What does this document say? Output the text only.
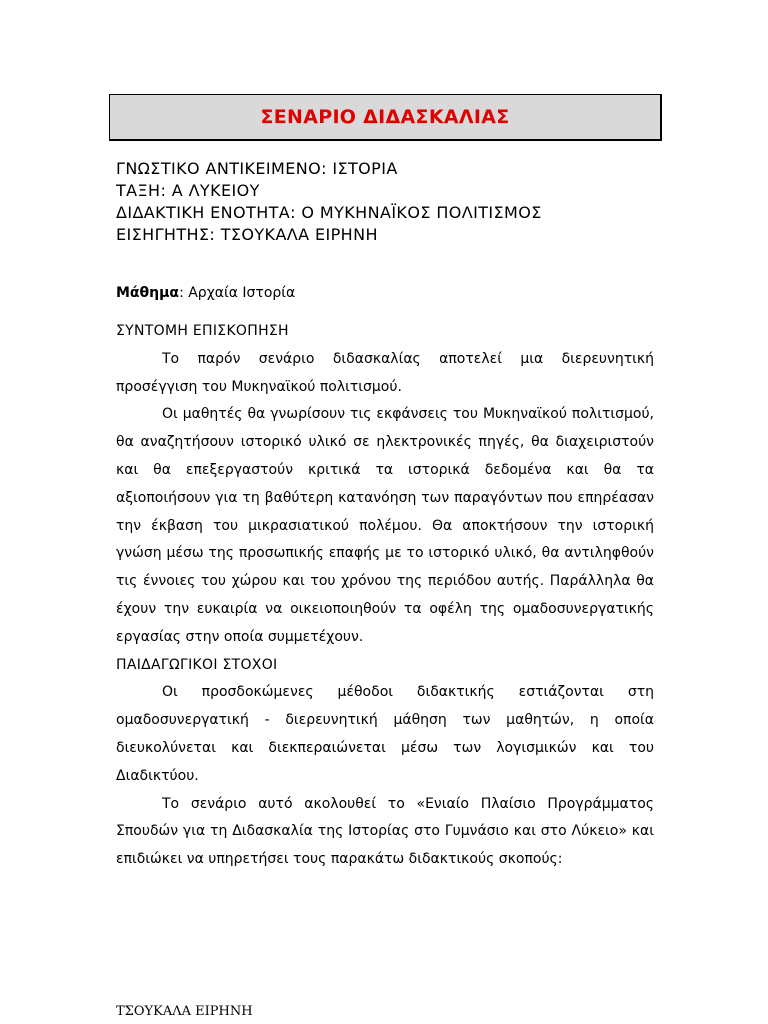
ΣΕΝΑΡΙΟ ΔΙΔΑΣΚΑΛΙΑΣ
ΓΝΩΣΤΙΚΟ ΑΝΤΙΚΕΙΜΕΝΟ: ΙΣΤΟΡΙΑ
ΤΑΞΗ: Α ΛΥΚΕΙΟΥ
ΔΙΔΑΚΤΙΚΗ ΕΝΟΤΗΤΑ: Ο ΜΥΚΗΝΑΪΚΟΣ ΠΟΛΙΤΙΣΜΟΣ
ΕΙΣΗΓΗΤΗΣ: ΤΣΟΥΚΑΛΑ ΕΙΡΗΝΗ
Μάθημα: Αρχαία Ιστορία
ΣΥΝΤΟΜΗ ΕΠΙΣΚΟΠΗΣΗ

Το παρόν σενάριο διδασκαλίας αποτελεί μια διερευνητική προσέγγιση του Μυκηναϊκού πολιτισμού.

Οι μαθητές θα γνωρίσουν τις εκφάνσεις του Μυκηναϊκού πολιτισμού, θα αναζητήσουν ιστορικό υλικό σε ηλεκτρονικές πηγές, θα διαχειριστούν και θα επεξεργαστούν κριτικά τα ιστορικά δεδομένα και θα τα αξιοποιήσουν για τη βαθύτερη κατανόηση των παραγόντων που επηρέασαν την έκβαση του μικρασιατικού πολέμου. Θα αποκτήσουν την ιστορική γνώση μέσω της προσωπικής επαφής με το ιστορικό υλικό, θα αντιληφθούν τις έννοιες του χώρου και του χρόνου της περιόδου αυτής. Παράλληλα θα έχουν την ευκαιρία να οικειοποιηθούν τα οφέλη της ομαδοσυνεργατικής εργασίας στην οποία συμμετέχουν.

ΠΑΙΔΑΓΩΓΙΚΟΙ ΣΤΟΧΟΙ

Οι προσδοκώμενες μέθοδοι διδακτικής εστιάζονται στη ομαδοσυνεργατική - διερευνητική μάθηση των μαθητών, η οποία διευκολύνεται και διεκπεραιώνεται μέσω των λογισμικών και του Διαδικτύου.

Το σενάριο αυτό ακολουθεί το «Ενιαίο Πλαίσιο Προγράμματος Σπουδών για τη Διδασκαλία της Ιστορίας στο Γυμνάσιο και στο Λύκειο» και επιδιώκει να υπηρετήσει τους παρακάτω διδακτικούς σκοπούς:

ΤΣΟΥΚΑΛΑ ΕΙΡΗΝΗ
